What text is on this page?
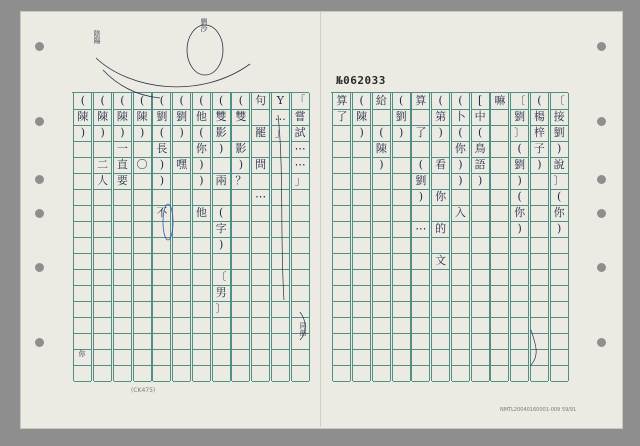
№062033
「
嘗
試
⋯
⋯
」
Y
…
」
句
罷
問
⋯
(
雙
影
)
？
(
雙
影
)
兩
(
字
)
〔
男
〕
(
他
(
你
)
)
他
(
劉
)
嘿
(
劉
(
長
)
)
不
(
陳
)
〇
(
陳
)
一
直
要
(
陳
)
二
人
(
陳
)
〔
接
劉
)
說
〕
(
你
)
(
楊
梓
子
)
〔
劉
〕
(
劉
)
(
你
)
嘛
[
中
(
鳥
語
)
(
卜
(
你
)
)
入
(
第
)
看
你
的
文
算
了
(
劉
)
⋯
(
劉
)
給
(
陳
)
(
陳
)
算
了
陰陽
劉沙
同前
你
(CK475)
NMTL20040160001-009 59/91
